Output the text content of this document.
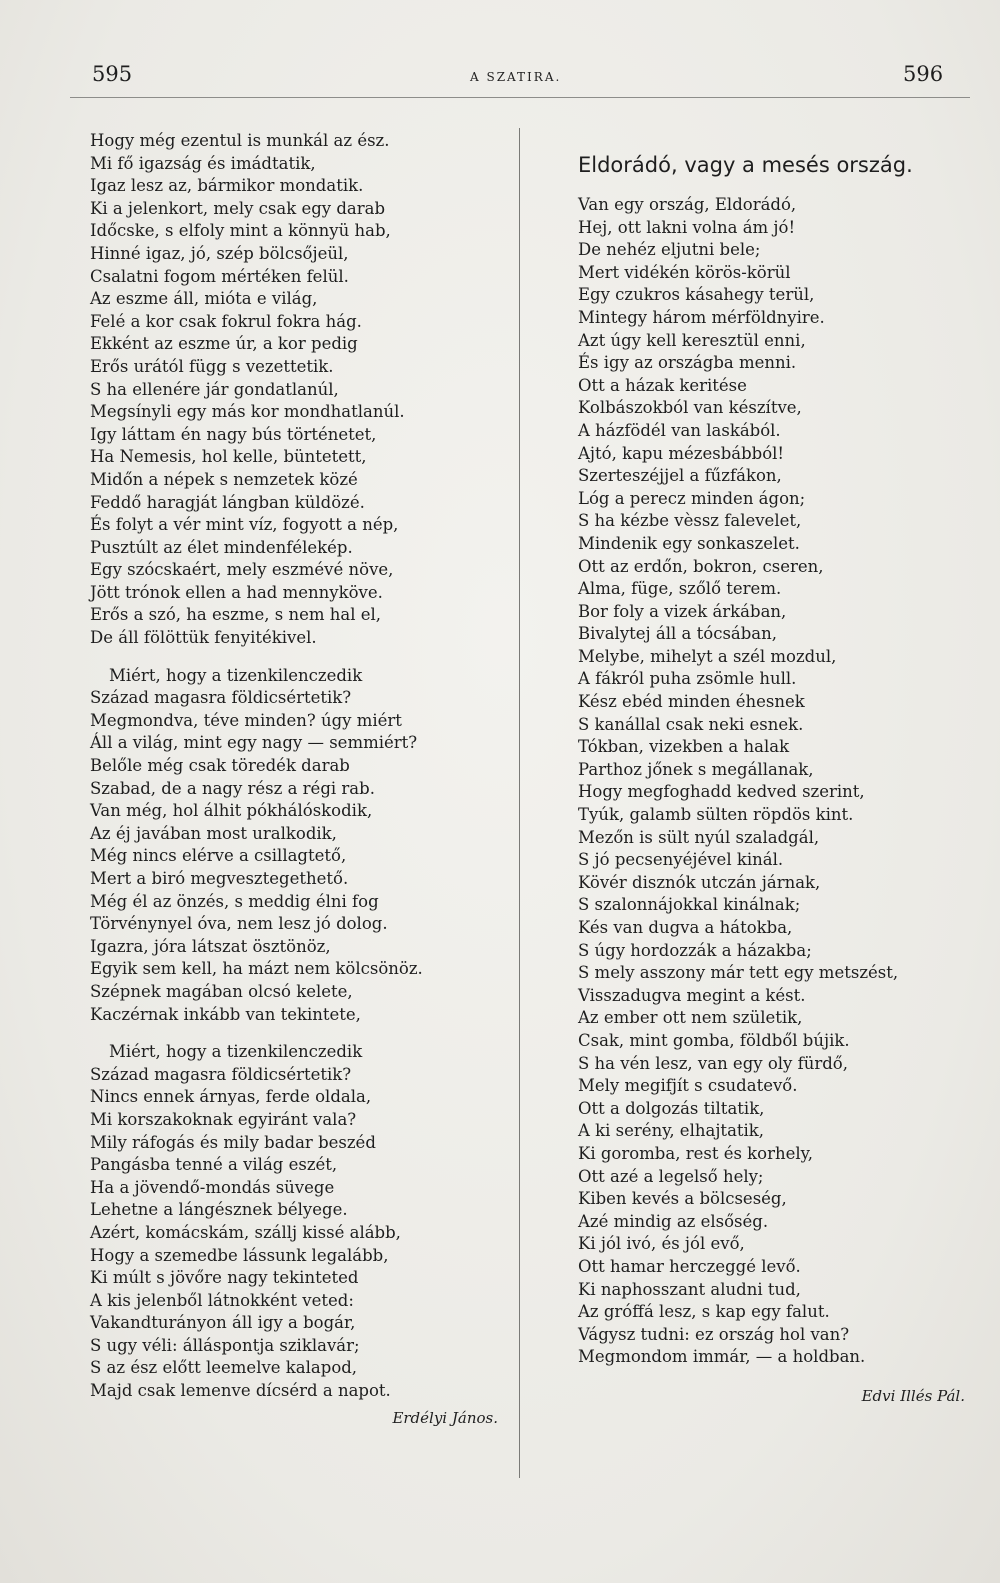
595	A SZATIRA.	596
Hogy még ezentul is munkál az ész.
Mi fő igazság és imádtatik,
Igaz lesz az, bármikor mondatik.
Ki a jelenkort, mely csak egy darab
Időcske, s elfoly mint a könnyü hab,
Hinné igaz, jó, szép bölcsőjeül,
Csalatni fogom mértéken felül.
Az eszme áll, mióta e világ,
Felé a kor csak fokrul fokra hág.
Ekként az eszme úr, a kor pedig
Erős urától függ s vezettetik.
S ha ellenére jár gondatlanúl,
Megsínyli egy más kor mondhatlanúl.
Igy láttam én nagy bús történetet,
Ha Nemesis, hol kelle, büntetett,
Midőn a népek s nemzetek közé
Feddő haragját lángban küldözé.
És folyt a vér mint víz, fogyott a nép,
Pusztúlt az élet mindenfélekép.
Egy szócskaért, mely eszmévé növe,
Jött trónok ellen a had mennyköve.
Erős a szó, ha eszme, s nem hal el,
De áll fölöttük fenyitékivel.
Miért, hogy a tizenkilenczedik
Század magasra földicsértetik?
Megmondva, téve minden? úgy miért
Áll a világ, mint egy nagy — semmiért?
Belőle még csak töredék darab
Szabad, de a nagy rész a régi rab.
Van még, hol álhit pókhálóskodik,
Az éj javában most uralkodik,
Még nincs elérve a csillagtető,
Mert a biró megvesztegethető.
Még él az önzés, s meddig élni fog
Törvénynyel óva, nem lesz jó dolog.
Igazra, jóra látszat ösztönöz,
Egyik sem kell, ha mázt nem kölcsönöz.
Szépnek magában olcsó kelete,
Kaczérnak inkább van tekintete,
Miért, hogy a tizenkilenczedik
Század magasra földicsértetik?
Nincs ennek árnyas, ferde oldala,
Mi korszakoknak egyiránt vala?
Mily ráfogás és mily badar beszéd
Pangásba tenné a világ eszét,
Ha a jövendő-mondás süvege
Lehetne a lángésznek bélyege.
Azért, komácskám, szállj kissé alább,
Hogy a szemedbe lássunk legalább,
Ki múlt s jövőre nagy tekinteted
A kis jelenből látnokként veted:
Vakandturányon áll igy a bogár,
S ugy véli: álláspontja sziklavár;
S az ész előtt leemelve kalapod,
Majd csak lemenve dícsérd a napot.
Erdélyi János.
Eldorádó, vagy a mesés ország.
Van egy ország, Eldorádó,
Hej, ott lakni volna ám jó!
De nehéz eljutni bele;
Mert vidékén körös-körül
Egy czukros kásahegy terül,
Mintegy három mérföldnyire.
Azt úgy kell keresztül enni,
És igy az országba menni.
Ott a házak keritése
Kolbászokból van készítve,
A házfödél van laskából.
Ajtó, kapu mézesbábból!
Szerteszéjjel a fűzfákon,
Lóg a perecz minden ágon;
S ha kézbe vèssz falevelet,
Mindenik egy sonkaszelet.
Ott az erdőn, bokron, cseren,
Alma, füge, szőlő terem.
Bor foly a vizek árkában,
Bivalytej áll a tócsában,
Melybe, mihelyt a szél mozdul,
A fákról puha zsömle hull.
Kész ebéd minden éhesnek
S kanállal csak neki esnek.
Tókban, vizekben a halak
Parthoz jőnek s megállanak,
Hogy megfoghadd kedved szerint,
Tyúk, galamb sülten röpdös kint.
Mezőn is sült nyúl szaladgál,
S jó pecsenyéjével kinál.
Kövér disznók utczán járnak,
S szalonnájokkal kinálnak;
Kés van dugva a hátokba,
S úgy hordozzák a házakba;
S mely asszony már tett egy metszést,
Visszadugva megint a kést.
Az ember ott nem születik,
Csak, mint gomba, földből bújik.
S ha vén lesz, van egy oly fürdő,
Mely megifjít s csudatevő.
Ott a dolgozás tiltatik,
A ki serény, elhajtatik,
Ki goromba, rest és korhely,
Ott azé a legelső hely;
Kiben kevés a bölcseség,
Azé mindig az elsőség.
Ki jól ivó, és jól evő,
Ott hamar herczeggé levő.
Ki naphosszant aludni tud,
Az gróffá lesz, s kap egy falut.
Vágysz tudni: ez ország hol van?
Megmondom immár, — a holdban.
Edvi Illés Pál.
